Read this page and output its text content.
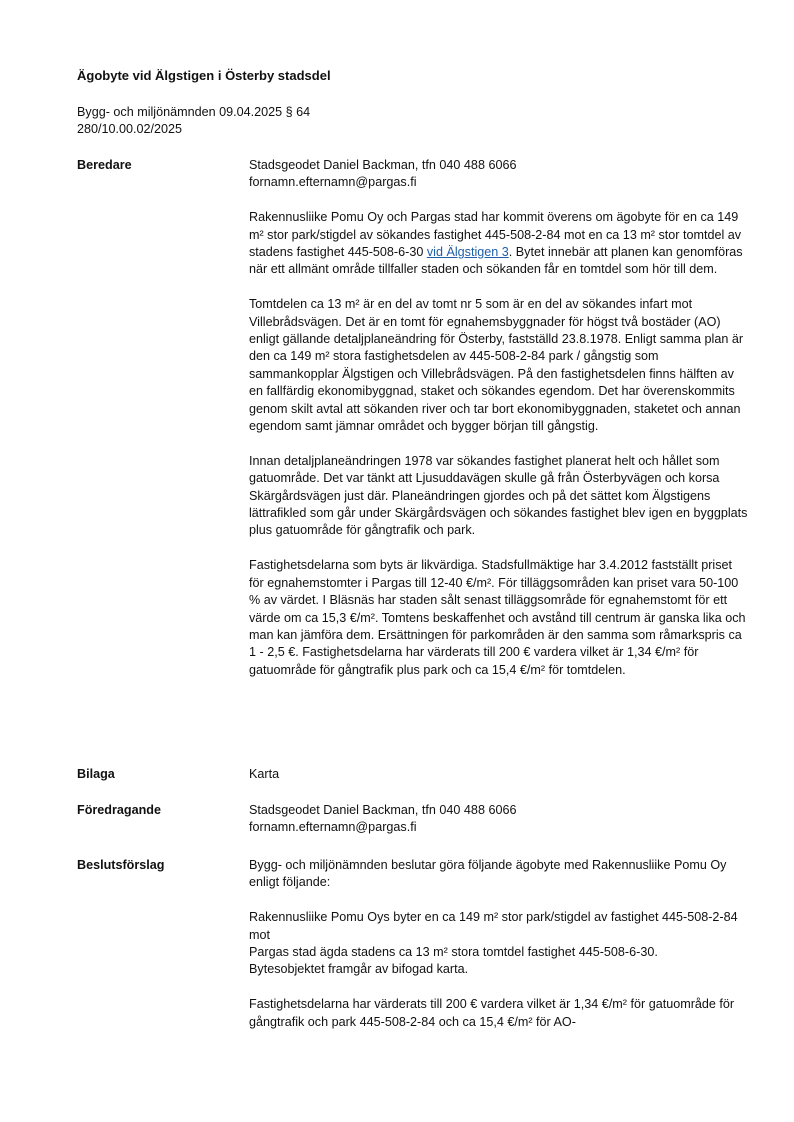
Ägobyte vid Älgstigen i Österby stadsdel
Bygg- och miljönämnden 09.04.2025 § 64
280/10.00.02/2025
Beredare	Stadsgeodet Daniel Backman, tfn 040 488 6066
fornamn.efternamn@pargas.fi

Rakennusliike Pomu Oy och Pargas stad har kommit överens om ägobyte för en ca 149 m² stor park/stigdel av sökandes fastighet 445-508-2-84 mot en ca 13 m² stor tomtdel av stadens fastighet 445-508-6-30 vid Älgstigen 3. Bytet innebär att planen kan genomföras när ett allmänt område tillfaller staden och sökanden får en tomtdel som hör till dem.

Tomtdelen ca 13 m² är en del av tomt nr 5 som är en del av sökandes infart mot Villebrådsvägen. Det är en tomt för egnahemsbyggnader för högst två bostäder (AO) enligt gällande detaljplaneändring för Österby, fastställd 23.8.1978. Enligt samma plan är den ca 149 m² stora fastighetsdelen av 445-508-2-84 park / gångstig som sammankopplar Älgstigen och Villebrådsvägen. På den fastighetsdelen finns hälften av en fallfärdig ekonomibyggnad, staket och sökandes egendom. Det har överenskommits genom skilt avtal att sökanden river och tar bort ekonomibyggnaden, staketet och annan egendom samt jämnar området och bygger början till gångstig.

Innan detaljplaneändringen 1978 var sökandes fastighet planerat helt och hållet som gatuområde. Det var tänkt att Ljusuddavägen skulle gå från Österbyvägen och korsa Skärgårdsvägen just där. Planeändringen gjordes och på det sättet kom Älgstigens lättrafikled som går under Skärgårdsvägen och sökandes fastighet blev igen en byggplats plus gatuområde för gångtrafik och park.

Fastighetsdelarna som byts är likvärdiga. Stadsfullmäktige har 3.4.2012 fastställt priset för egnahemstomter i Pargas till 12-40 €/m². För tilläggsområden kan priset vara 50-100 % av värdet. I Bläsnäs har staden sålt senast tilläggsområde för egnahemstomt för ett värde om ca 15,3 €/m². Tomtens beskaffenhet och avstånd till centrum är ganska lika och man kan jämföra dem. Ersättningen för parkområden är den samma som råmarkspris ca 1 - 2,5 €. Fastighetsdelarna har värderats till 200 € vardera vilket är 1,34 €/m² för gatuområde för gångtrafik plus park och ca 15,4 €/m² för tomtdelen.

Bilaga	Karta
Föredragande	Stadsgeodet Daniel Backman, tfn 040 488 6066
fornamn.efternamn@pargas.fi
Beslutsförslag	Bygg- och miljönämnden beslutar göra följande ägobyte med Rakennusliike Pomu Oy enligt följande:

Rakennusliike Pomu Oys byter en ca 149 m² stor park/stigdel av fastighet 445-508-2-84 mot
Pargas stad ägda stadens ca 13 m² stora tomtdel fastighet 445-508-6-30.
Bytesobjektet framgår av bifogad karta.

Fastighetsdelarna har värderats till 200 € vardera vilket är 1,34 €/m² för gatuområde för gångtrafik och park 445-508-2-84 och ca 15,4 €/m² för AO-
